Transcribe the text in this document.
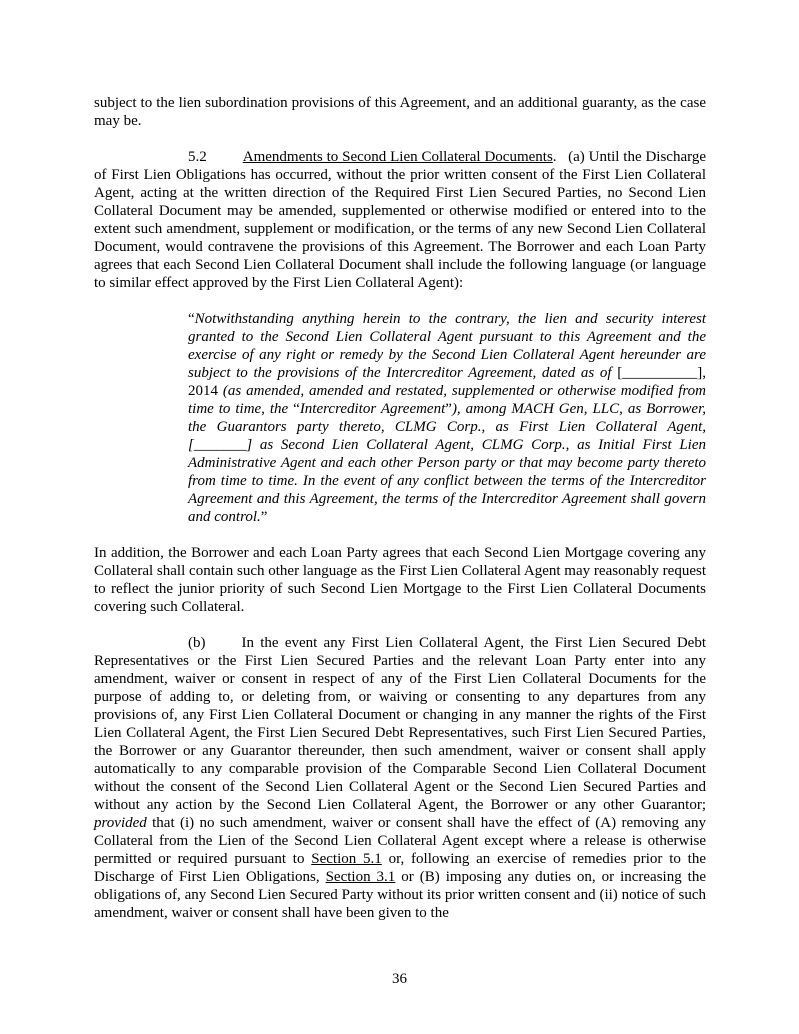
subject to the lien subordination provisions of this Agreement, and an additional guaranty, as the case may be.

5.2 Amendments to Second Lien Collateral Documents. (a) Until the Discharge of First Lien Obligations has occurred, without the prior written consent of the First Lien Collateral Agent, acting at the written direction of the Required First Lien Secured Parties, no Second Lien Collateral Document may be amended, supplemented or otherwise modified or entered into to the extent such amendment, supplement or modification, or the terms of any new Second Lien Collateral Document, would contravene the provisions of this Agreement. The Borrower and each Loan Party agrees that each Second Lien Collateral Document shall include the following language (or language to similar effect approved by the First Lien Collateral Agent):

“Notwithstanding anything herein to the contrary, the lien and security interest granted to the Second Lien Collateral Agent pursuant to this Agreement and the exercise of any right or remedy by the Second Lien Collateral Agent hereunder are subject to the provisions of the Intercreditor Agreement, dated as of [__________], 2014 (as amended, amended and restated, supplemented or otherwise modified from time to time, the “Intercreditor Agreement”), among MACH Gen, LLC, as Borrower, the Guarantors party thereto, CLMG Corp., as First Lien Collateral Agent, [_______] as Second Lien Collateral Agent, CLMG Corp., as Initial First Lien Administrative Agent and each other Person party or that may become party thereto from time to time. In the event of any conflict between the terms of the Intercreditor Agreement and this Agreement, the terms of the Intercreditor Agreement shall govern and control.”

In addition, the Borrower and each Loan Party agrees that each Second Lien Mortgage covering any Collateral shall contain such other language as the First Lien Collateral Agent may reasonably request to reflect the junior priority of such Second Lien Mortgage to the First Lien Collateral Documents covering such Collateral.

(b) In the event any First Lien Collateral Agent, the First Lien Secured Debt Representatives or the First Lien Secured Parties and the relevant Loan Party enter into any amendment, waiver or consent in respect of any of the First Lien Collateral Documents for the purpose of adding to, or deleting from, or waiving or consenting to any departures from any provisions of, any First Lien Collateral Document or changing in any manner the rights of the First Lien Collateral Agent, the First Lien Secured Debt Representatives, such First Lien Secured Parties, the Borrower or any Guarantor thereunder, then such amendment, waiver or consent shall apply automatically to any comparable provision of the Comparable Second Lien Collateral Document without the consent of the Second Lien Collateral Agent or the Second Lien Secured Parties and without any action by the Second Lien Collateral Agent, the Borrower or any other Guarantor; provided that (i) no such amendment, waiver or consent shall have the effect of (A) removing any Collateral from the Lien of the Second Lien Collateral Agent except where a release is otherwise permitted or required pursuant to Section 5.1 or, following an exercise of remedies prior to the Discharge of First Lien Obligations, Section 3.1 or (B) imposing any duties on, or increasing the obligations of, any Second Lien Secured Party without its prior written consent and (ii) notice of such amendment, waiver or consent shall have been given to the

36
